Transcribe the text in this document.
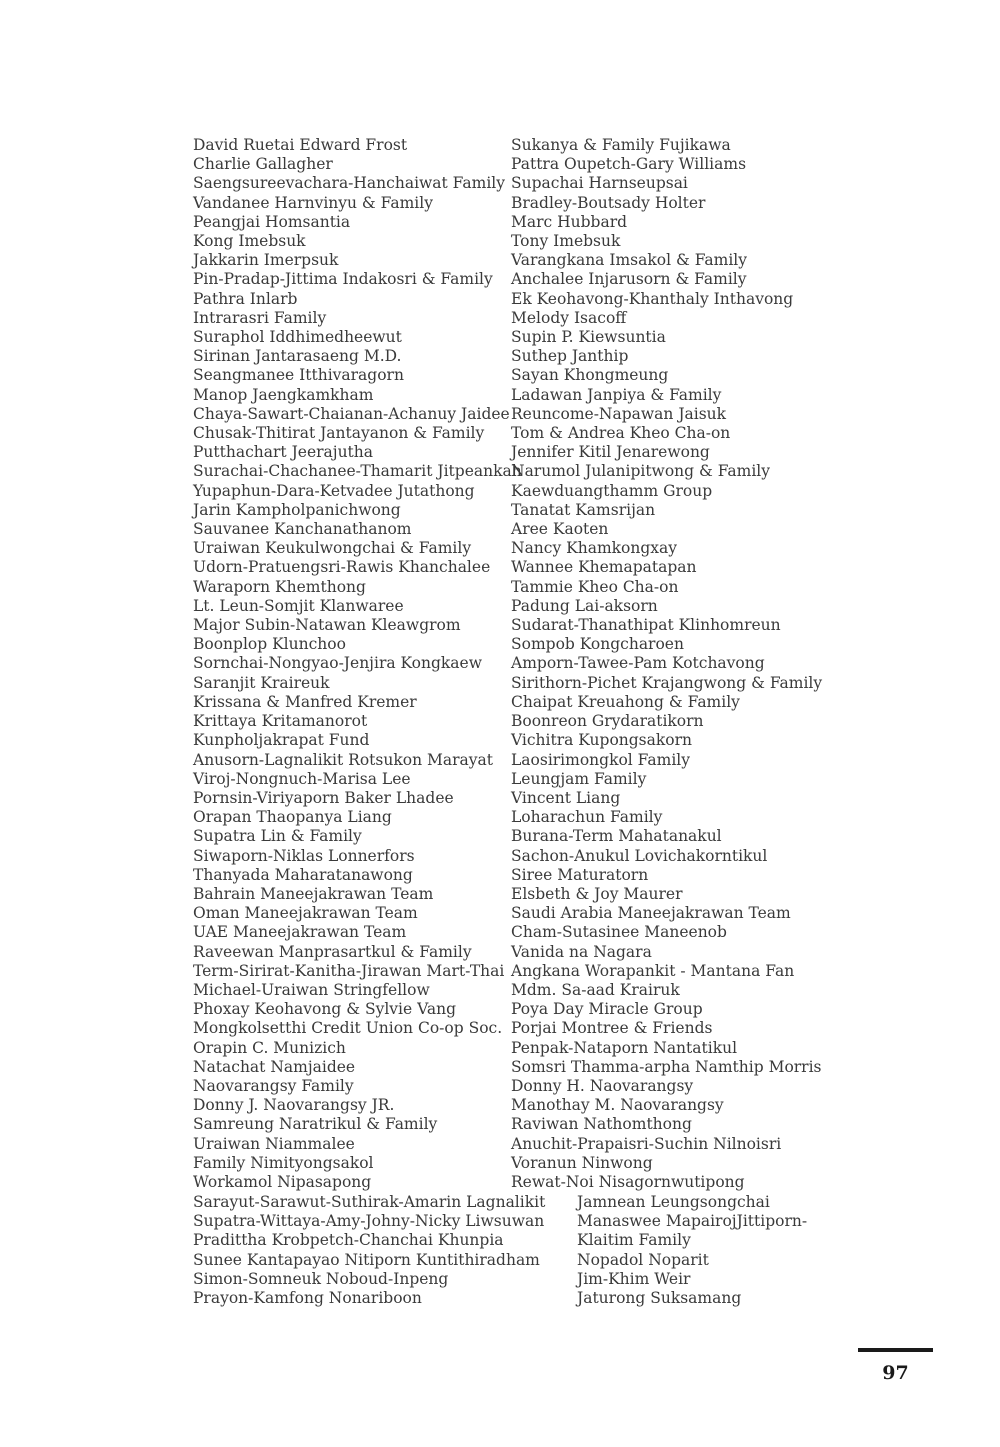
David Ruetai Edward Frost
Charlie Gallagher
Saengsureevachara-Hanchaiwat Family
Vandanee Harnvinyu & Family
Peangjai Homsantia
Kong Imebsuk
Jakkarin Imerpsuk
Pin-Pradap-Jittima Indakosri & Family
Pathra Inlarb
Intrarasri Family
Suraphol Iddhimedheewut
Sirinan Jantarasaeng M.D.
Seangmanee Itthivaragorn
Manop Jaengkamkham
Chaya-Sawart-Chaianan-Achanuy Jaidee
Chusak-Thitirat Jantayanon & Family
Putthachart Jeerajutha
Surachai-Chachanee-Thamarit Jitpeankah
Yupaphun-Dara-Ketvadee Jutathong
Jarin Kampholpanichwong
Sauvanee Kanchanathanom
Uraiwan Keukulwongchai & Family
Udorn-Pratuengsri-Rawis Khanchalee
Waraporn Khemthong
Lt. Leun-Somjit Klanwaree
Major Subin-Natawan Kleawgrom
Boonplop Klunchoo
Sornchai-Nongyao-Jenjira Kongkaew
Saranjit Kraireuk
Krissana & Manfred Kremer
Krittaya Kritamanorot
Kunpholjakrapat Fund
Anusorn-Lagnalikit Rotsukon Marayat
Viroj-Nongnuch-Marisa Lee
Pornsin-Viriyaporn Baker Lhadee
Orapan Thaopanya Liang
Supatra Lin & Family
Siwaporn-Niklas Lonnerfors
Thanyada Maharatanawong
Bahrain Maneejakrawan Team
Oman Maneejakrawan Team
UAE Maneejakrawan Team
Raveewan Manprasartkul & Family
Term-Sirirat-Kanitha-Jirawan Mart-Thai
Michael-Uraiwan Stringfellow
Phoxay Keohavong & Sylvie Vang
Mongkolsetthi Credit Union Co-op Soc.
Orapin C. Munizich
Natachat Namjaidee
Naovarangsy Family
Donny J. Naovarangsy JR.
Samreung Naratrikul & Family
Uraiwan Niammalee
Family Nimityongsakol
Workamol Nipasapong
Sukanya & Family Fujikawa
Pattra Oupetch-Gary Williams
Supachai Harnseupsai
Bradley-Boutsady Holter
Marc Hubbard
Tony Imebsuk
Varangkana Imsakol & Family
Anchalee Injarusorn & Family
Ek Keohavong-Khanthaly Inthavong
Melody Isacoff
Supin P. Kiewsuntia
Suthep Janthip
Sayan Khongmeung
Ladawan Janpiya & Family
Reuncome-Napawan Jaisuk
Tom & Andrea Kheo Cha-on
Jennifer Kitil Jenarewong
Narumol Julanipitwong & Family
Kaewduangthamm Group
Tanatat Kamsrijan
Aree Kaoten
Nancy Khamkongxay
Wannee Khemapatapan
Tammie Kheo Cha-on
Padung Lai-aksorn
Sudarat-Thanathipat Klinhomreun
Sompob Kongcharoen
Amporn-Tawee-Pam Kotchavong
Sirithorn-Pichet Krajangwong & Family
Chaipat Kreuahong & Family
Boonreon Grydaratikorn
Vichitra Kupongsakorn
Laosirimongkol Family
Leungjam Family
Vincent Liang
Loharachun Family
Burana-Term Mahatanakul
Sachon-Anukul Lovichakorntikul
Siree Maturatorn
Elsbeth & Joy Maurer
Saudi Arabia Maneejakrawan Team
Cham-Sutasinee Maneenob
Vanida na Nagara
Angkana Worapankit - Mantana Fan
Mdm. Sa-aad Krairuk
Poya Day Miracle Group
Porjai Montree & Friends
Penpak-Nataporn Nantatikul
Somsri Thamma-arpha Namthip Morris
Donny H. Naovarangsy
Manothay M. Naovarangsy
Raviwan Nathomthong
Anuchit-Prapaisri-Suchin Nilnoisri
Voranun Ninwong
Rewat-Noi Nisagornwutipong
Sarayut-Sarawut-Suthirak-Amarin Lagnalikit
Supatra-Wittaya-Amy-Johny-Nicky Liwsuwan
Pradittha Krobpetch-Chanchai Khunpia
Sunee Kantapayao Nitiporn Kuntithiradham
Simon-Somneuk Noboud-Inpeng
Prayon-Kamfong Nonariboon
Jamnean Leungsongchai
Manaswee MapairojJittiporn-
Klaitim Family
Nopadol Noparit
Jim-Khim Weir
Jaturong Suksamang
97
